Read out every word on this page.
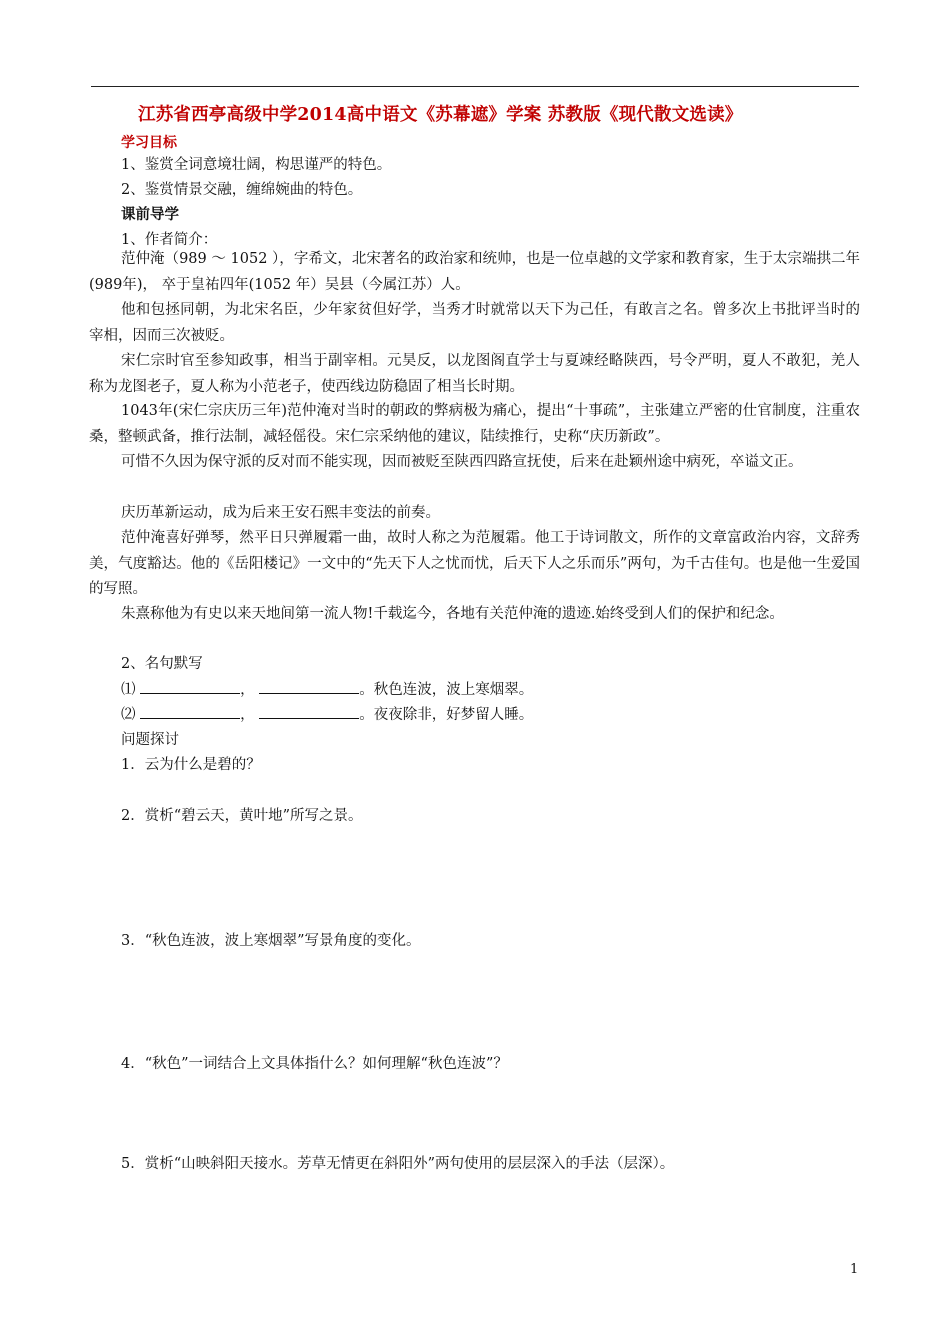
江苏省西亭高级中学2014高中语文《苏幕遮》学案 苏教版《现代散文选读》
学习目标
1、鉴赏全词意境壮阔，构思谨严的特色。
2、鉴赏情景交融，缠绵婉曲的特色。
课前导学
1、作者简介：
范仲淹（989 ～ 1052 ），字希文，北宋著名的政治家和统帅，也是一位卓越的文学家和教育家，生于太宗端拱二年(989年)， 卒于皇祐四年(1052 年）吴县（今属江苏）人。
他和包拯同朝，为北宋名臣，少年家贫但好学，当秀才时就常以天下为己任，有敢言之名。曾多次上书批评当时的宰相，因而三次被贬。
宋仁宗时官至参知政事，相当于副宰相。元昊反，以龙图阁直学士与夏竦经略陕西，号令严明，夏人不敢犯，羌人称为龙图老子，夏人称为小范老子，使西线边防稳固了相当长时期。
1043年(宋仁宗庆历三年)范仲淹对当时的朝政的弊病极为痛心，提出“十事疏”，主张建立严密的仕官制度，注重农桑，整顿武备，推行法制，减轻傜役。宋仁宗采纳他的建议，陆续推行，史称“庆历新政”。
可惜不久因为保守派的反对而不能实现，因而被贬至陕西四路宣抚使，后来在赴颖州途中病死，卒谥文正。
庆历革新运动，成为后来王安石熙丰变法的前奏。
范仲淹喜好弹琴，然平日只弹履霜一曲，故时人称之为范履霜。他工于诗词散文，所作的文章富政治内容，文辞秀美，气度豁达。他的《岳阳楼记》一文中的“先天下人之忧而忧，后天下人之乐而乐”两句，为千古佳句。也是他一生爱国的写照。
朱熹称他为有史以来天地间第一流人物!千载迄今，各地有关范仲淹的遗迹.始终受到人们的保护和纪念。
2、名句默写
⑴	，	。秋色连波，波上寒烟翠。
⑵	，	。夜夜除非，好梦留人睡。
问题探讨
1．云为什么是碧的？
2．赏析“碧云天，黄叶地”所写之景。
3．“秋色连波，波上寒烟翠”写景角度的变化。
4．“秋色”一词结合上文具体指什么？如何理解“秋色连波”？
5．赏析“山映斜阳天接水。芳草无情更在斜阳外”两句使用的层层深入的手法（层深）。
1
